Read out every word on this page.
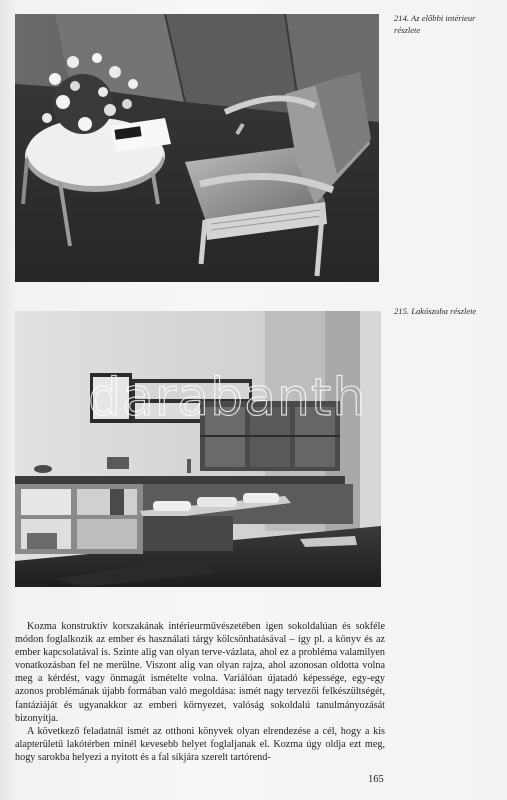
214. Az előbbi intérieur részlete
215. Lakószoba részlete

Kozma konstruktív korszakának intérieurművészetében igen sokoldalúan és sokféle módon foglalkozik az ember és használati tárgy kölcsönhatásával – így pl. a könyv és az ember kapcsolatával is. Szinte alig van olyan terve-vázlata, ahol ez a probléma valamilyen vonatkozásban fel ne merülne. Viszont alig van olyan rajza, ahol azonosan oldotta volna meg a kérdést, vagy önmagát ismételte volna. Variálóan újatadó képessége, egy-egy azonos problémának újabb formában való megoldása: ismét nagy tervezői felkészültségét, fantáziáját és ugyanakkor az emberi környezet, valóság sokoldalú tanulmányozását bizonyítja.

A következő feladatnál ismét az otthoni könyvek olyan elrendezése a cél, hogy a kis alapterületű lakótérben minél kevesebb helyet foglaljanak el. Kozma úgy oldja ezt meg, hogy sarokba helyezi a nyitott és a fal síkjára szerelt tartórend-

165
